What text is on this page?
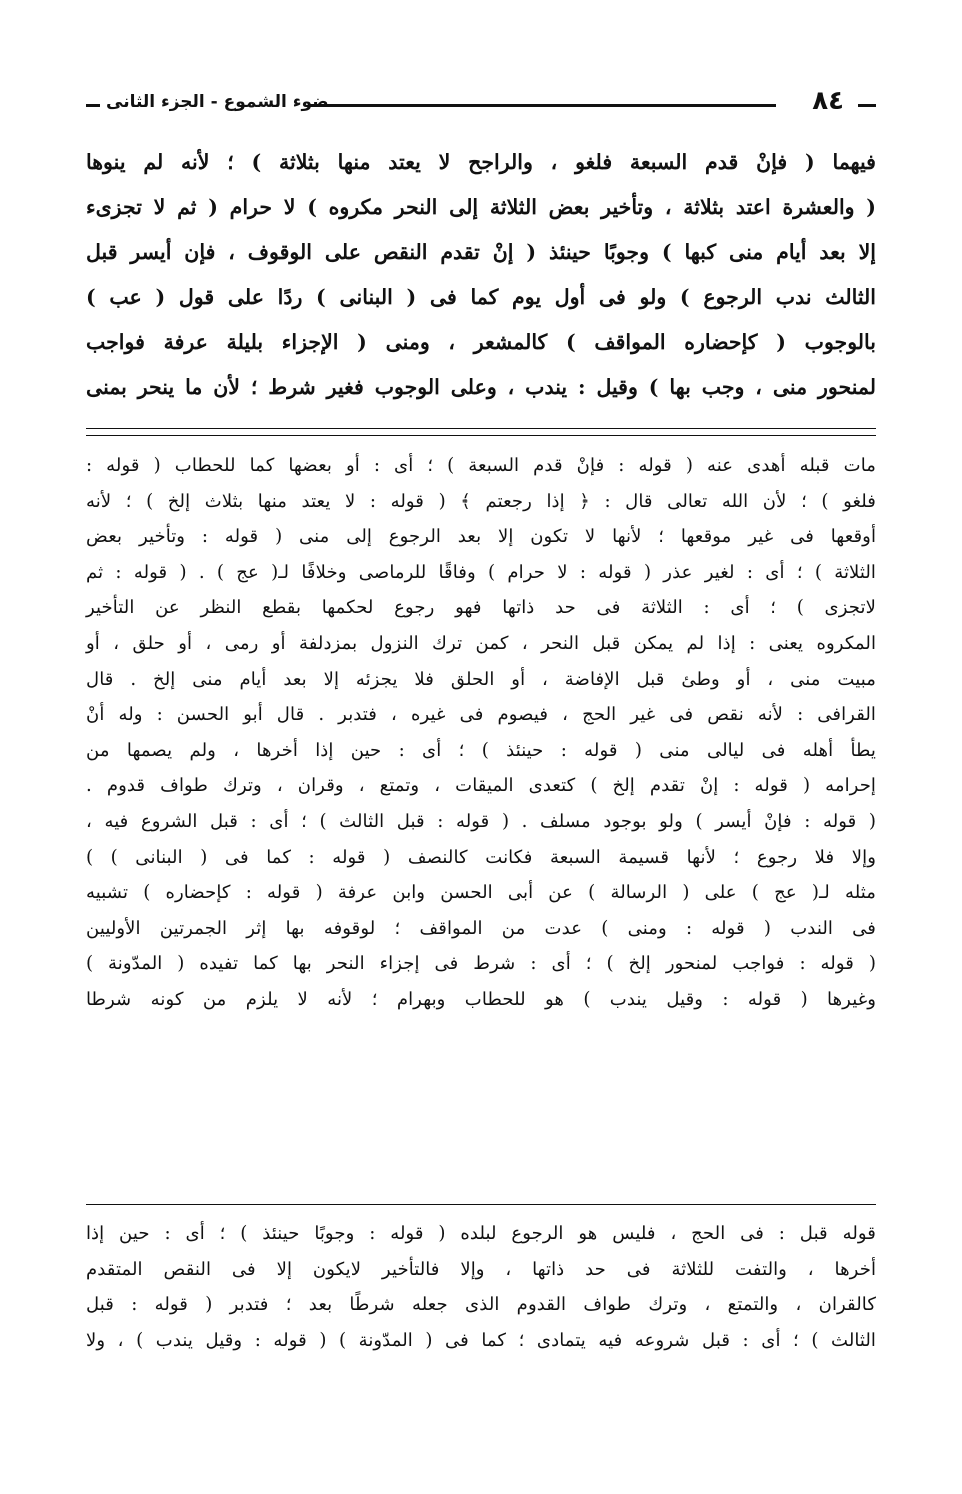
٨٤
ضوء الشموع - الجزء الثانى

فيهما ( فإنْ قدم السبعة فلغو ، والراجح لا يعتد منها بثلاثة ) ؛ لأنه لم ينوها

( والعشرة اعتد بثلاثة ، وتأخير بعض الثلاثة إلى النحر مكروه ) لا حرام ( ثم لا تجزىء

إلا بعد أيام منى كبها ) وجوبًا حينئذ ( إنْ تقدم النقص على الوقوف ، فإن أيسر قبل

الثالث ندب الرجوع ) ولو فى أول يوم كما فى ( البنانى ) ردًا على قول ( عب )

بالوجوب ( كإحضاره المواقف ) كالمشعر ، ومنى ( الإجزاء بليلة عرفة فواجب

لمنحور منى ، وجب بها ) وقيل : يندب ، وعلى الوجوب فغير شرط ؛ لأن ما ينحر بمنى

مات قبله أهدى عنه ( قوله : فإنْ قدم السبعة ) ؛ أى : أو بعضها كما للحطاب ( قوله :

فلغو ) ؛ لأن الله تعالى قال : ﴿ إذا رجعتم ﴾ ( قوله : لا يعتد منها بثلاث إلخ ) ؛ لأنه

أوقعها فى غير موقعها ؛ لأنها لا تكون إلا بعد الرجوع إلى منى ( قوله : وتأخير بعض

الثلاثة ) ؛ أى : لغير عذر ( قوله : لا حرام ) وفاقًا للرماصى وخلافًا لـ( عج ) . ( قوله : ثم

لاتجزى ) ؛ أى : الثلاثة فى حد ذاتها فهو رجوع لحكمها بقطع النظر عن التأخير

المكروه يعنى : إذا لم يمكن قبل النحر ، كمن ترك النزول بمزدلفة أو رمى ، أو حلق ، أو

مبيت منى ، أو وطئ قبل الإفاضة ، أو الحلق فلا يجزئه إلا بعد أيام منى إلخ . قال

القرافى : لأنه نقص فى غير الحج ، فيصوم فى غيره ، فتدبر . قال أبو الحسن : وله أنْ

يطأ أهله فى ليالى منى ( قوله : حينئذ ) ؛ أى : حين إذا أخرها ، ولم يصمها من

إحرامه ( قوله : إنْ تقدم إلخ ) كتعدى الميقات ، وتمتع ، وقران ، وترك طواف قدوم .

( قوله : فإنْ أيسر ) ولو بوجود مسلف . ( قوله : قبل الثالث ) ؛ أى : قبل الشروع فيه ،

وإلا فلا رجوع ؛ لأنها قسيمة السبعة فكانت كالنصف ( قوله : كما فى ( البنانى ) )

مثله لـ( عج ) على ( الرسالة ) عن أبى الحسن وابن عرفة ( قوله : كإحضاره ) تشبيه

فى الندب ( قوله : ومنى ) عدت من المواقف ؛ لوقوفه بها إثر الجمرتين الأوليين

( قوله : فواجب لمنحور إلخ ) ؛ أى : شرط فى إجزاء النحر بها كما تفيده ( المدّونة )

وغيرها ( قوله : وقيل يندب ) هو للحطاب وبهرام ؛ لأنه لا يلزم من كونه شرطا

قوله قبل : فى الحج ، فليس هو الرجوع لبلده ( قوله : وجوبًا حينئذ ) ؛ أى : حين إذا

أخرها ، والتفت للثلاثة فى حد ذاتها ، وإلا فالتأخير لايكون إلا فى النقص المتقدم

كالقران ، والتمتع ، وترك طواف القدوم الذى جعله شرطًا بعد ؛ فتدبر ( قوله : قبل

الثالث ) ؛ أى : قبل شروعه فيه يتمادى ؛ كما فى ( المدّونة ) ( قوله : وقيل يندب ) ، ولا
